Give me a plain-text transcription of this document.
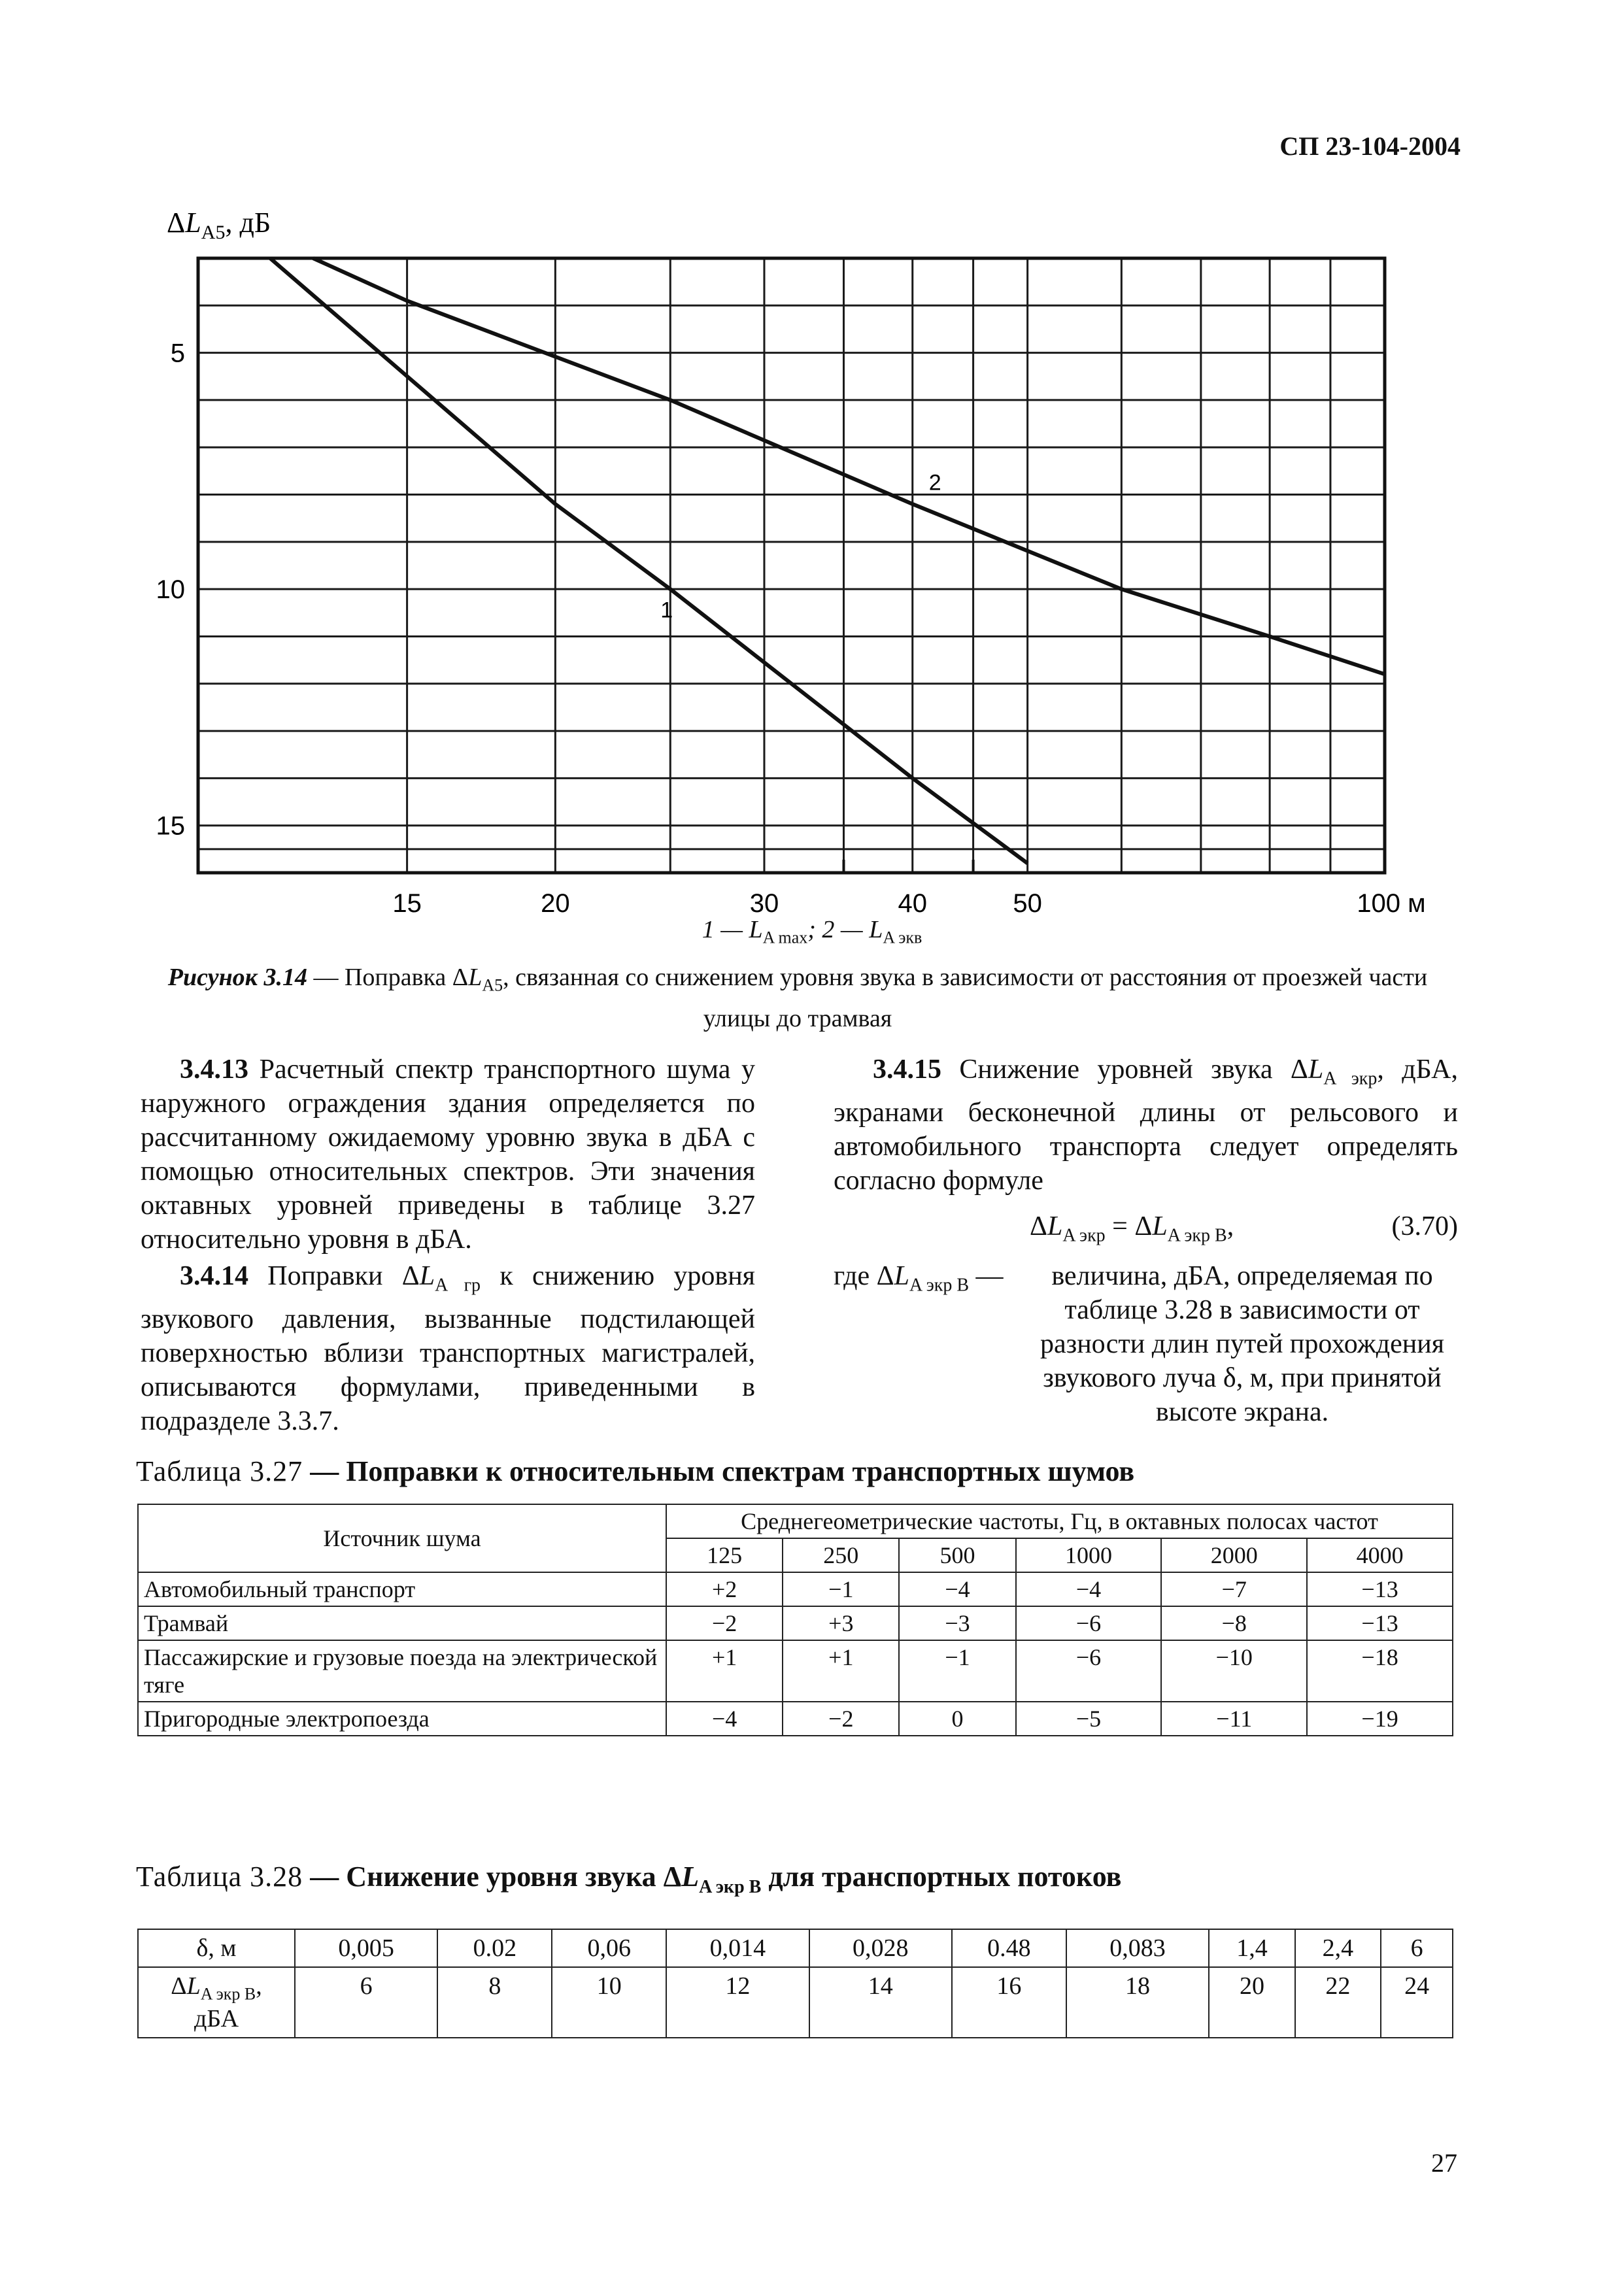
СП 23-104-2004
5
10
15
15	20	30	40	50	100 м
$\Delta L_{A5}$, дБ
1
2
1 — $L_{A max}$; 2 — $L_{A экв}$
Рисунок 3.14 — Поправка $\Delta L_{A5}$, связанная со снижением уровня звука в зависимости от расстояния от проезжей части улицы до трамвая

3.4.13 Расчетный спектр транспортного шума у наружного ограждения здания определяется по рассчитанному ожидаемому уровню звука в дБА с помощью относительных спектров. Эти значения октавных уровней приведены в таблице 3.27 относительно уровня в дБА.

3.4.14 Поправки $\Delta L_{A гр}$ к снижению уровня звукового давления, вызванные подстилающей поверхностью вблизи транспортных магистралей, описываются формулами, приведенными в подразделе 3.3.7.

3.4.15 Снижение уровней звука $\Delta L_{A экр}$, дБА, экранами бесконечной длины от рельсового и автомобильного транспорта следует определять согласно формуле

$\Delta L_{A экр} = \Delta L_{A экр В}$,	(3.70)
где $\Delta L_{A экр В}$ —	величина, дБА, определяемая по таблице 3.28 в зависимости от разности длин путей прохождения звукового луча δ, м, при принятой высоте экрана.
Таблица 3.27 — Поправки к относительным спектрам транспортных шумов
Источник шума	Среднегеометрические частоты, Гц, в октавных полосах частот					
	125	250	500	1000	2000	4000
Автомобильный транспорт	+2	−1	−4	−4	−7	−13
Трамвай	−2	+3	−3	−6	−8	−13
Пассажирские и грузовые поезда на электрической тяге	+1	+1	−1	−6	−10	−18
Пригородные электропоезда	−4	−2	0	−5	−11	−19
Таблица 3.28 — Снижение уровня звука $\Delta L_{A экр В}$ для транспортных потоков
δ, м	0,005	0.02	0,06	0,014	0,028	0.48	0,083	1,4	2,4	6
$\Delta L_{A экр В}$,
дБА	6	8	10	12	14	16	18	20	22	24
27
